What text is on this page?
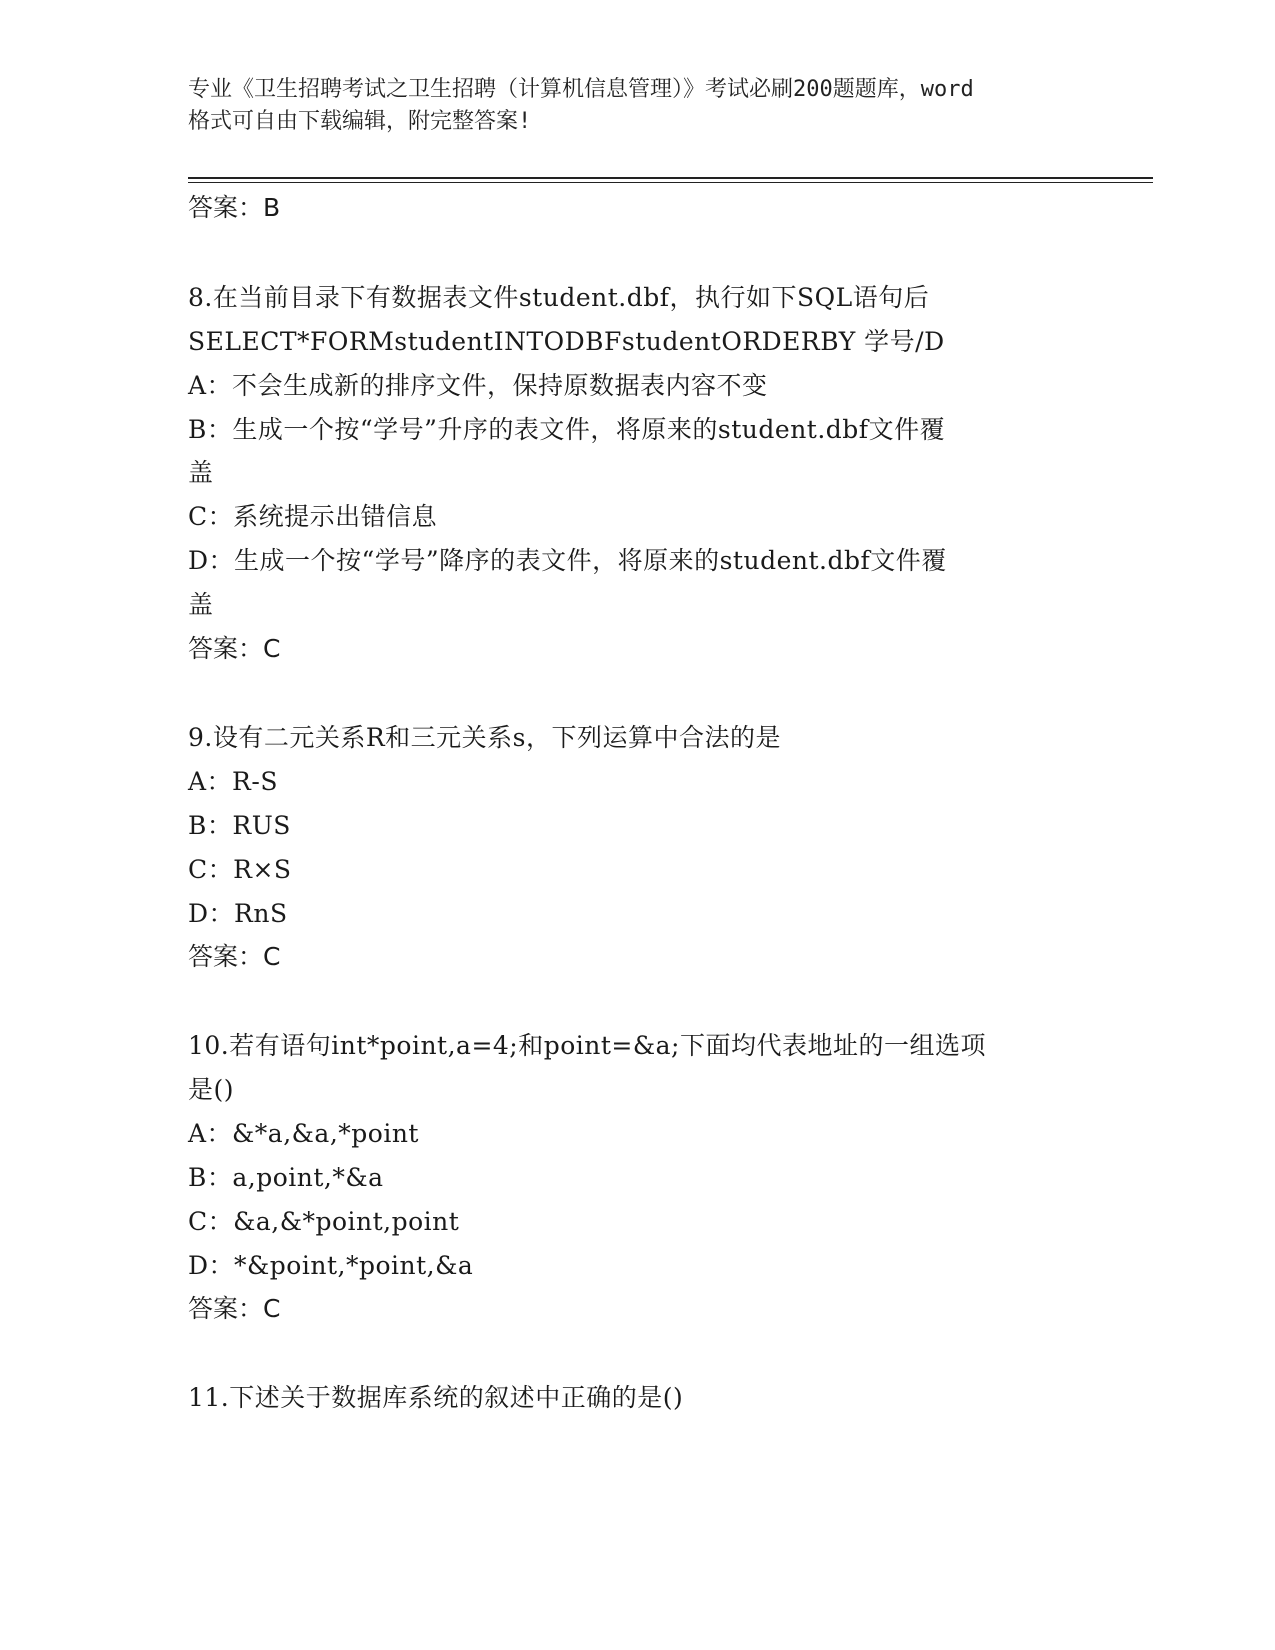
专业《卫生招聘考试之卫生招聘（计算机信息管理）》考试必刷200题题库，word
格式可自由下载编辑，附完整答案!
答案：B
8.在当前目录下有数据表文件student.dbf，执行如下SQL语句后
SELECT*FORMstudentINTODBFstudentORDERBY 学号/D
A：不会生成新的排序文件，保持原数据表内容不变
B：生成一个按“学号”升序的表文件，将原来的student.dbf文件覆
盖
C：系统提示出错信息
D：生成一个按“学号”降序的表文件，将原来的student.dbf文件覆
盖
答案：C
9.设有二元关系R和三元关系s，下列运算中合法的是
A：R-S
B：RUS
C：R×S
D：RnS
答案：C
10.若有语句int*point,a=4;和point=&a;下面均代表地址的一组选项
是()
A：&*a,&a,*point
B：a,point,*&a
C：&a,&*point,point
D：*&point,*point,&a
答案：C
11.下述关于数据库系统的叙述中正确的是()
